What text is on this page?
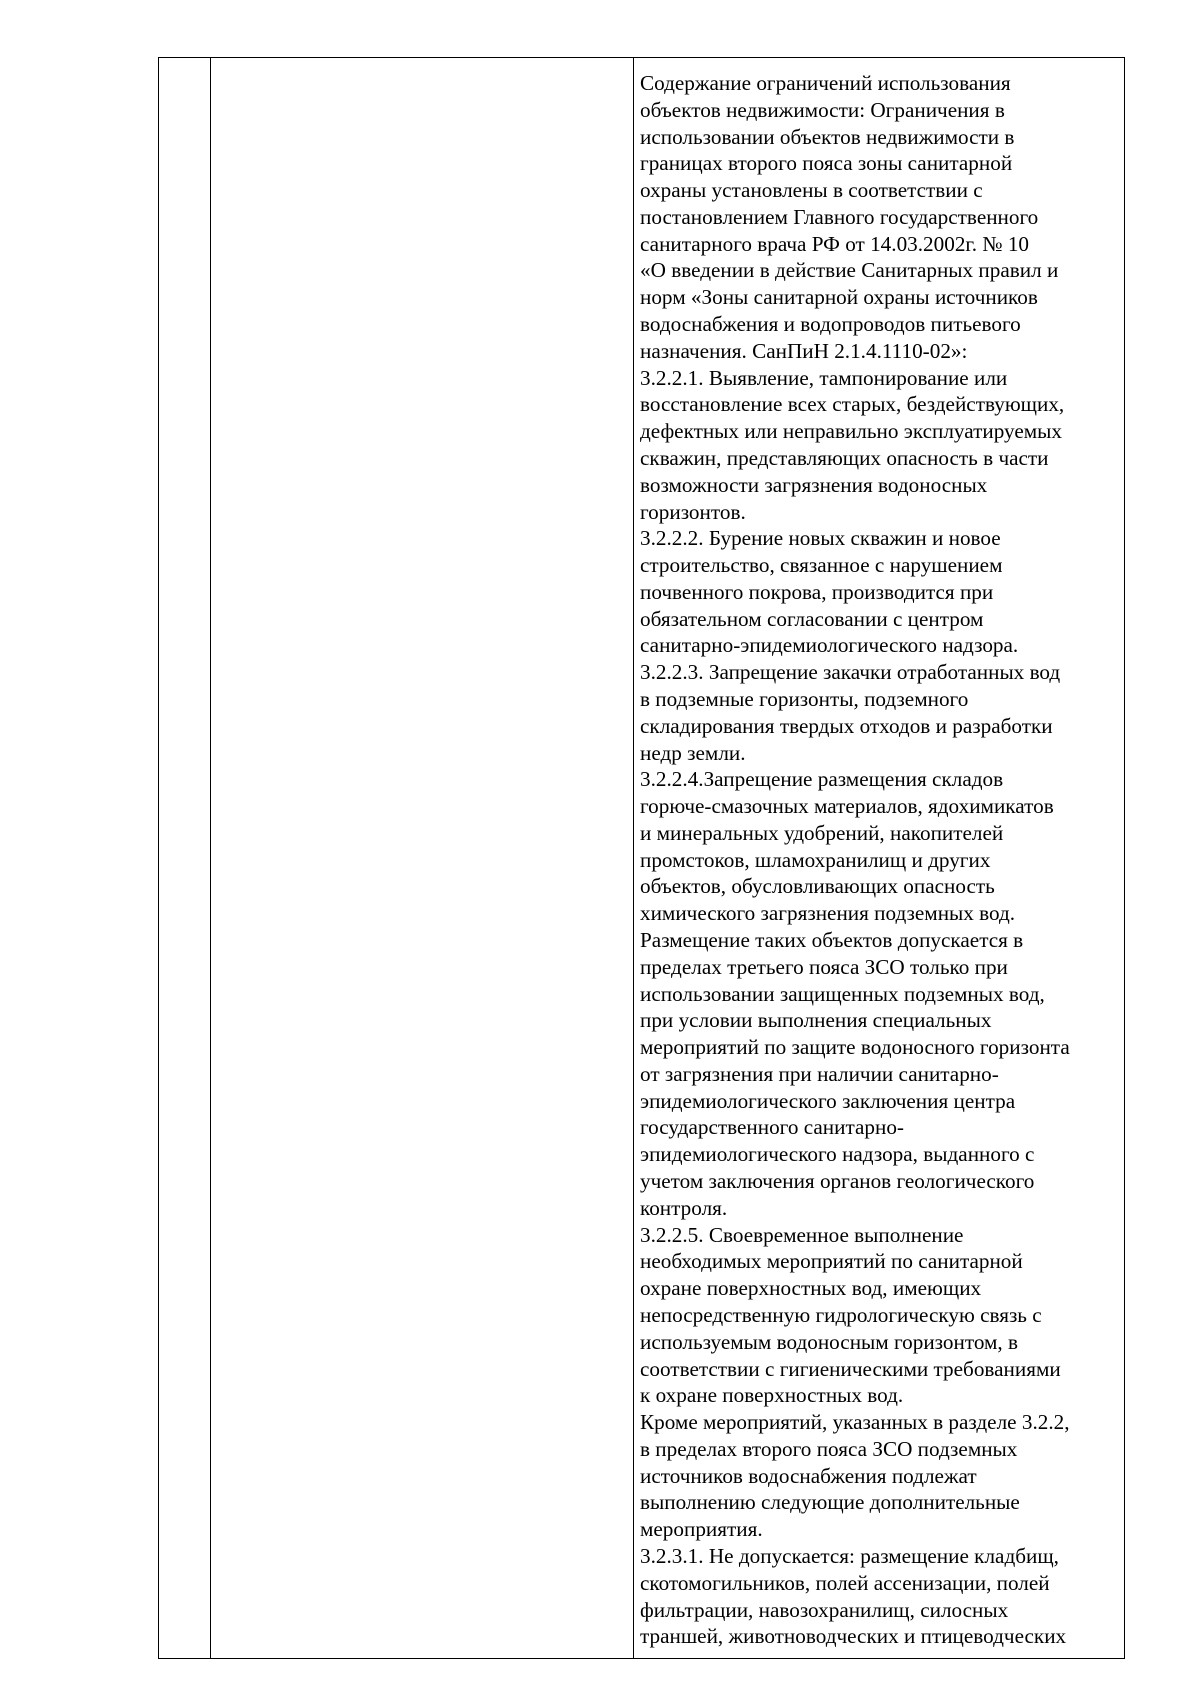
Содержание ограничений использования
объектов недвижимости: Ограничения в
использовании объектов недвижимости в
границах второго пояса зоны санитарной
охраны установлены в соответствии с
постановлением Главного государственного
санитарного врача РФ от 14.03.2002г. № 10
«О введении в действие Санитарных правил и
норм «Зоны санитарной охраны источников
водоснабжения и водопроводов питьевого
назначения. СанПиН 2.1.4.1110-02»:
3.2.2.1. Выявление, тампонирование или
восстановление всех старых, бездействующих,
дефектных или неправильно эксплуатируемых
скважин, представляющих опасность в части
возможности загрязнения водоносных
горизонтов.
3.2.2.2. Бурение новых скважин и новое
строительство, связанное с нарушением
почвенного покрова, производится при
обязательном согласовании с центром
санитарно-эпидемиологического надзора.
3.2.2.3. Запрещение закачки отработанных вод
в подземные горизонты, подземного
складирования твердых отходов и разработки
недр земли.
3.2.2.4.Запрещение размещения складов
горюче-смазочных материалов, ядохимикатов
и минеральных удобрений, накопителей
промстоков, шламохранилищ и других
объектов, обусловливающих опасность
химического загрязнения подземных вод.
Размещение таких объектов допускается в
пределах третьего пояса ЗСО только при
использовании защищенных подземных вод,
при условии выполнения специальных
мероприятий по защите водоносного горизонта
от загрязнения при наличии санитарно-
эпидемиологического заключения центра
государственного санитарно-
эпидемиологического надзора, выданного с
учетом заключения органов геологического
контроля.
3.2.2.5. Своевременное выполнение
необходимых мероприятий по санитарной
охране поверхностных вод, имеющих
непосредственную гидрологическую связь с
используемым водоносным горизонтом, в
соответствии с гигиеническими требованиями
к охране поверхностных вод.
Кроме мероприятий, указанных в разделе 3.2.2,
в пределах второго пояса ЗСО подземных
источников водоснабжения подлежат
выполнению следующие дополнительные
мероприятия.
3.2.3.1. Не допускается: размещение кладбищ,
скотомогильников, полей ассенизации, полей
фильтрации, навозохранилищ, силосных
траншей, животноводческих и птицеводческих
